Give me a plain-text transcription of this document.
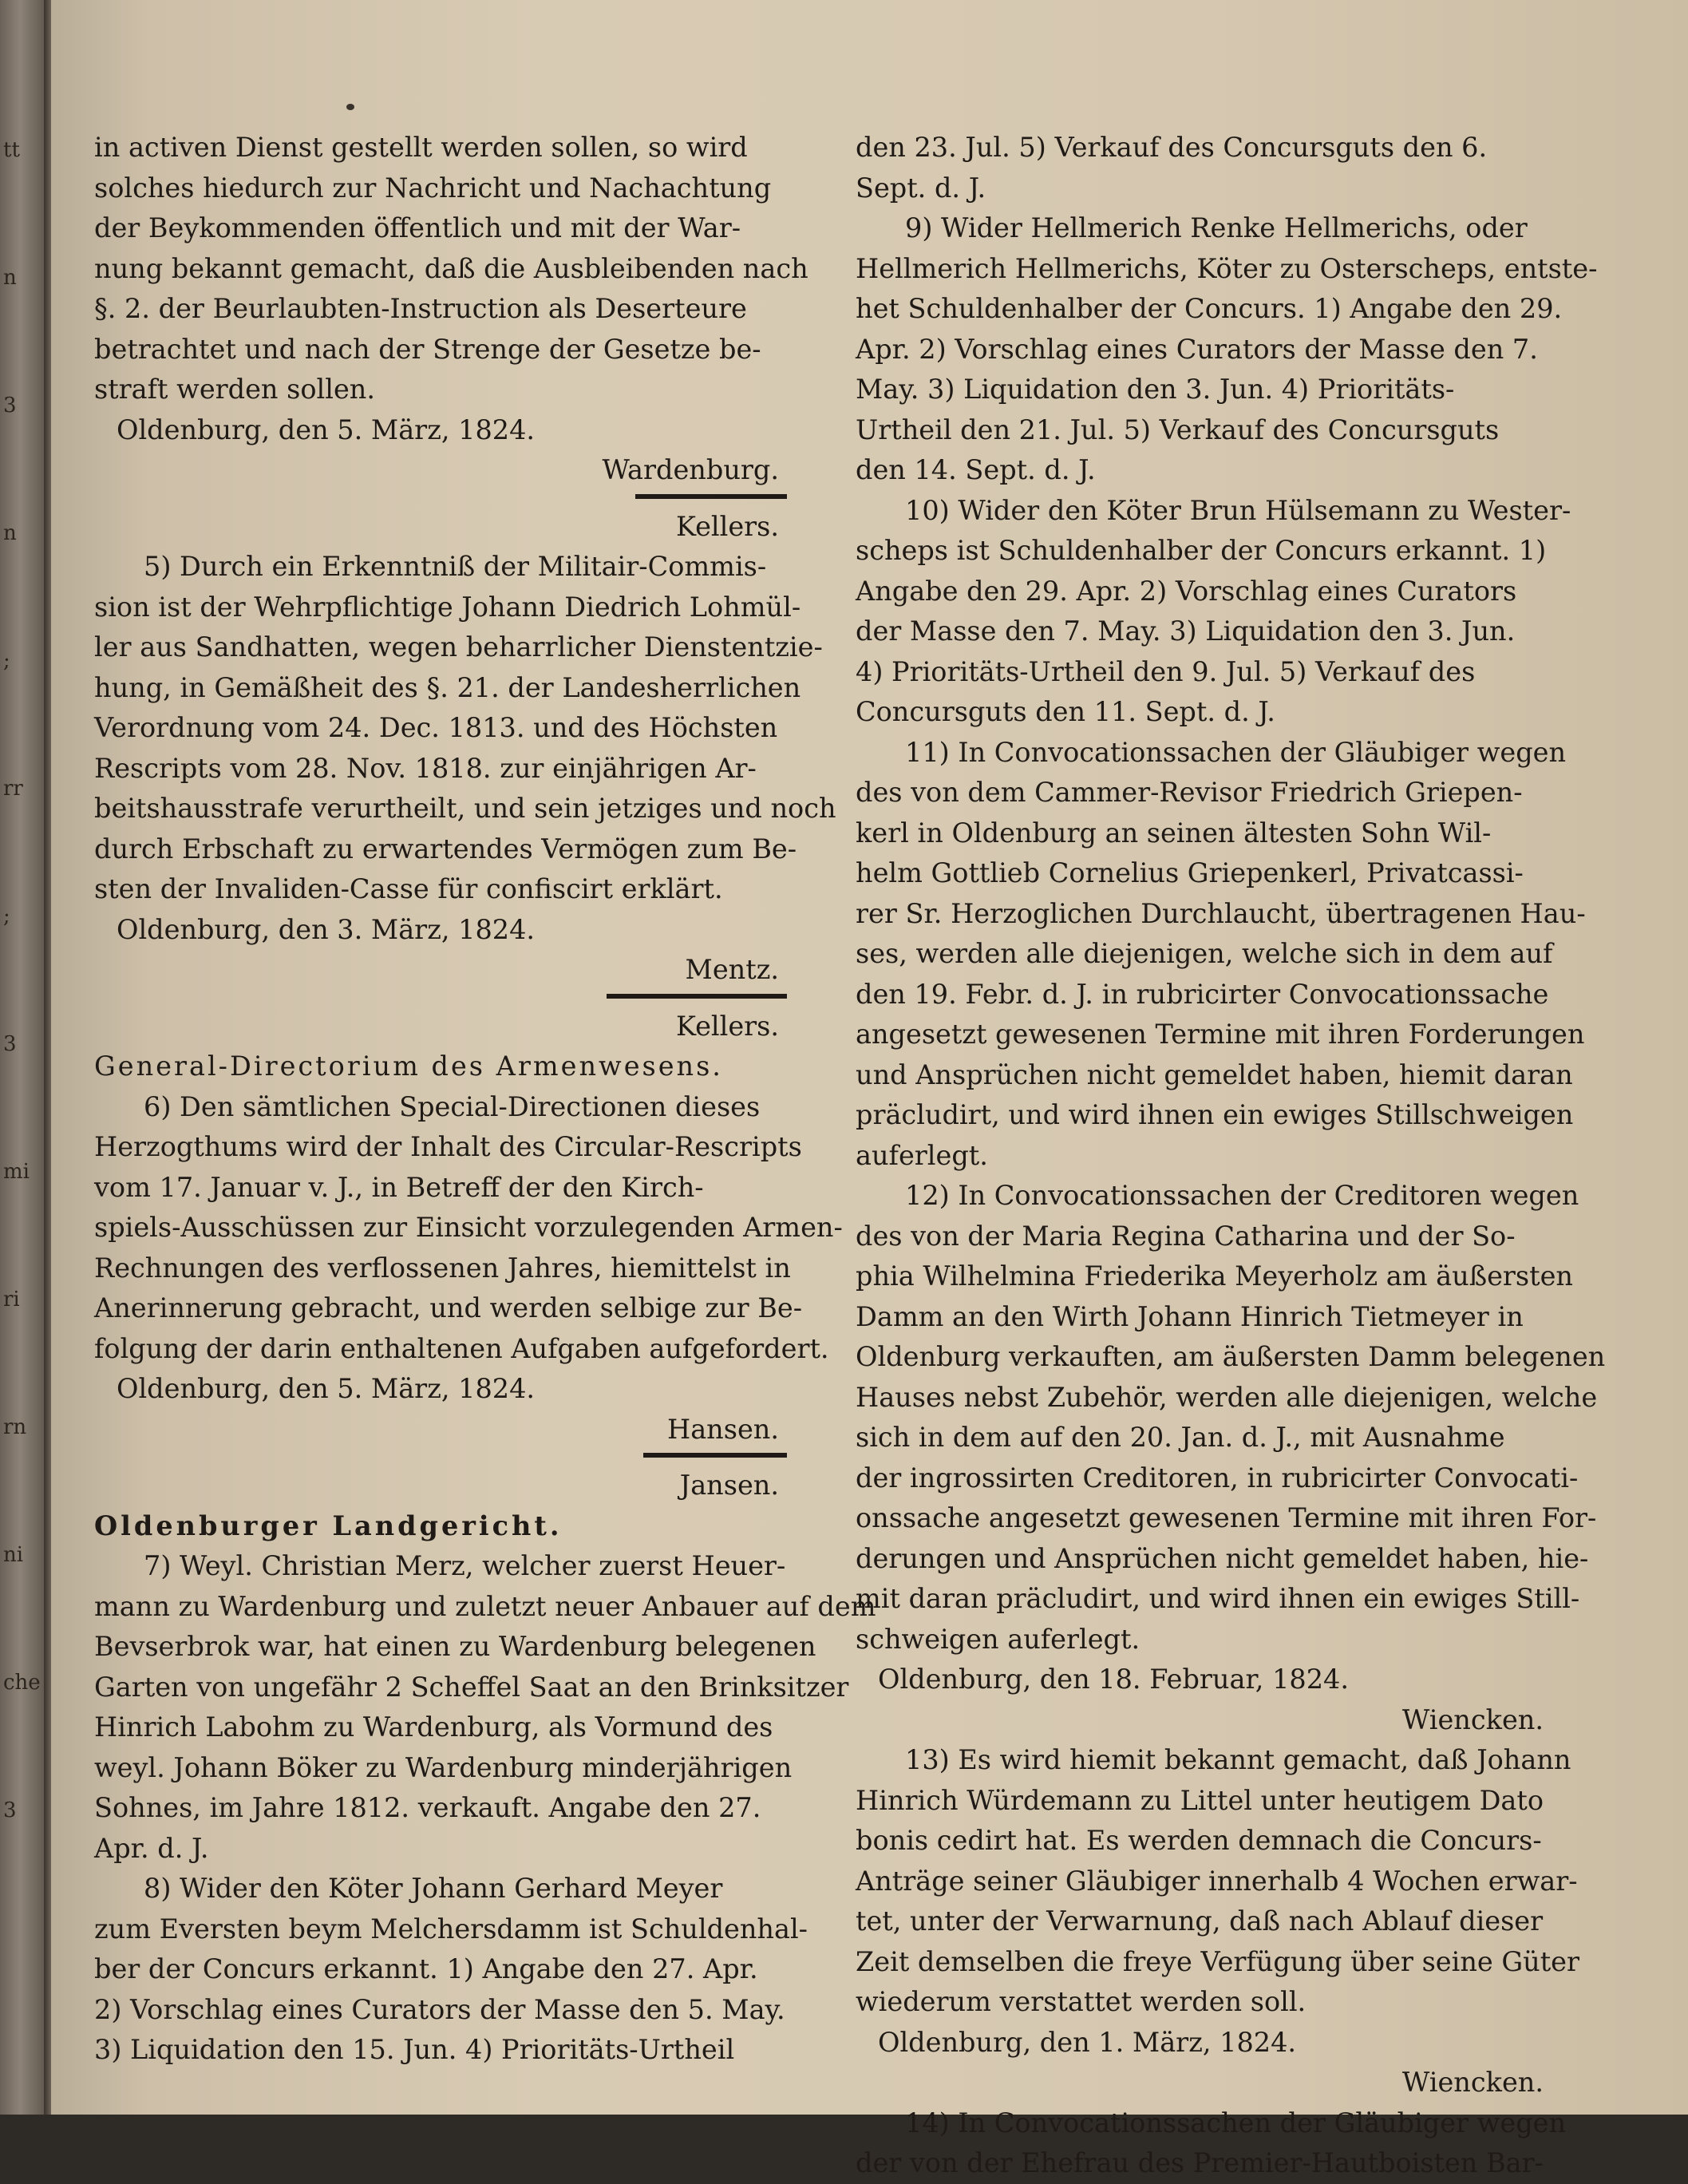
tt
n
3
n
;
rr
;
3
mi
ri
rn
ni
che
3
in activen Dienst gestellt werden sollen, so wird
solches hiedurch zur Nachricht und Nachachtung
der Beykommenden öffentlich und mit der War-
nung bekannt gemacht, daß die Ausbleibenden nach
§. 2. der Beurlaubten-Instruction als Deserteure
betrachtet und nach der Strenge der Gesetze be-
straft werden sollen.
Oldenburg, den 5. März, 1824.
Wardenburg.
Kellers.
5) Durch ein Erkenntniß der Militair-Commis-
sion ist der Wehrpflichtige Johann Diedrich Lohmül-
ler aus Sandhatten, wegen beharrlicher Dienstentzie-
hung, in Gemäßheit des §. 21. der Landesherrlichen
Verordnung vom 24. Dec. 1813. und des Höchsten
Rescripts vom 28. Nov. 1818. zur einjährigen Ar-
beitshausstrafe verurtheilt, und sein jetziges und noch
durch Erbschaft zu erwartendes Vermögen zum Be-
sten der Invaliden-Casse für confiscirt erklärt.
Oldenburg, den 3. März, 1824.
Mentz.
Kellers.
General-Directorium des Armenwesens.
6) Den sämtlichen Special-Directionen dieses
Herzogthums wird der Inhalt des Circular-Rescripts
vom 17. Januar v. J., in Betreff der den Kirch-
spiels-Ausschüssen zur Einsicht vorzulegenden Armen-
Rechnungen des verflossenen Jahres, hiemittelst in
Anerinnerung gebracht, und werden selbige zur Be-
folgung der darin enthaltenen Aufgaben aufgefordert.
Oldenburg, den 5. März, 1824.
Hansen.
Jansen.
Oldenburger Landgericht.
7) Weyl. Christian Merz, welcher zuerst Heuer-
mann zu Wardenburg und zuletzt neuer Anbauer auf dem
Bevserbrok war, hat einen zu Wardenburg belegenen
Garten von ungefähr 2 Scheffel Saat an den Brinksitzer
Hinrich Labohm zu Wardenburg, als Vormund des
weyl. Johann Böker zu Wardenburg minderjährigen
Sohnes, im Jahre 1812. verkauft. Angabe den 27.
Apr. d. J.
8) Wider den Köter Johann Gerhard Meyer
zum Eversten beym Melchersdamm ist Schuldenhal-
ber der Concurs erkannt. 1) Angabe den 27. Apr.
2) Vorschlag eines Curators der Masse den 5. May.
3) Liquidation den 15. Jun. 4) Prioritäts-Urtheil
den 23. Jul. 5) Verkauf des Concursguts den 6.
Sept. d. J.
9) Wider Hellmerich Renke Hellmerichs, oder
Hellmerich Hellmerichs, Köter zu Osterscheps, entste-
het Schuldenhalber der Concurs. 1) Angabe den 29.
Apr. 2) Vorschlag eines Curators der Masse den 7.
May. 3) Liquidation den 3. Jun. 4) Prioritäts-
Urtheil den 21. Jul. 5) Verkauf des Concursguts
den 14. Sept. d. J.
10) Wider den Köter Brun Hülsemann zu Wester-
scheps ist Schuldenhalber der Concurs erkannt. 1)
Angabe den 29. Apr. 2) Vorschlag eines Curators
der Masse den 7. May. 3) Liquidation den 3. Jun.
4) Prioritäts-Urtheil den 9. Jul. 5) Verkauf des
Concursguts den 11. Sept. d. J.
11) In Convocationssachen der Gläubiger wegen
des von dem Cammer-Revisor Friedrich Griepen-
kerl in Oldenburg an seinen ältesten Sohn Wil-
helm Gottlieb Cornelius Griepenkerl, Privatcassi-
rer Sr. Herzoglichen Durchlaucht, übertragenen Hau-
ses, werden alle diejenigen, welche sich in dem auf
den 19. Febr. d. J. in rubricirter Convocationssache
angesetzt gewesenen Termine mit ihren Forderungen
und Ansprüchen nicht gemeldet haben, hiemit daran
präcludirt, und wird ihnen ein ewiges Stillschweigen
auferlegt.
12) In Convocationssachen der Creditoren wegen
des von der Maria Regina Catharina und der So-
phia Wilhelmina Friederika Meyerholz am äußersten
Damm an den Wirth Johann Hinrich Tietmeyer in
Oldenburg verkauften, am äußersten Damm belegenen
Hauses nebst Zubehör, werden alle diejenigen, welche
sich in dem auf den 20. Jan. d. J., mit Ausnahme
der ingrossirten Creditoren, in rubricirter Convocati-
onssache angesetzt gewesenen Termine mit ihren For-
derungen und Ansprüchen nicht gemeldet haben, hie-
mit daran präcludirt, und wird ihnen ein ewiges Still-
schweigen auferlegt.
Oldenburg, den 18. Februar, 1824.
Wiencken.
13) Es wird hiemit bekannt gemacht, daß Johann
Hinrich Würdemann zu Littel unter heutigem Dato
bonis cedirt hat. Es werden demnach die Concurs-
Anträge seiner Gläubiger innerhalb 4 Wochen erwar-
tet, unter der Verwarnung, daß nach Ablauf dieser
Zeit demselben die freye Verfügung über seine Güter
wiederum verstattet werden soll.
Oldenburg, den 1. März, 1824.
Wiencken.
14) In Convocationssachen der Gläubiger wegen
der von der Ehefrau des Premier-Hautboisten Bar-
